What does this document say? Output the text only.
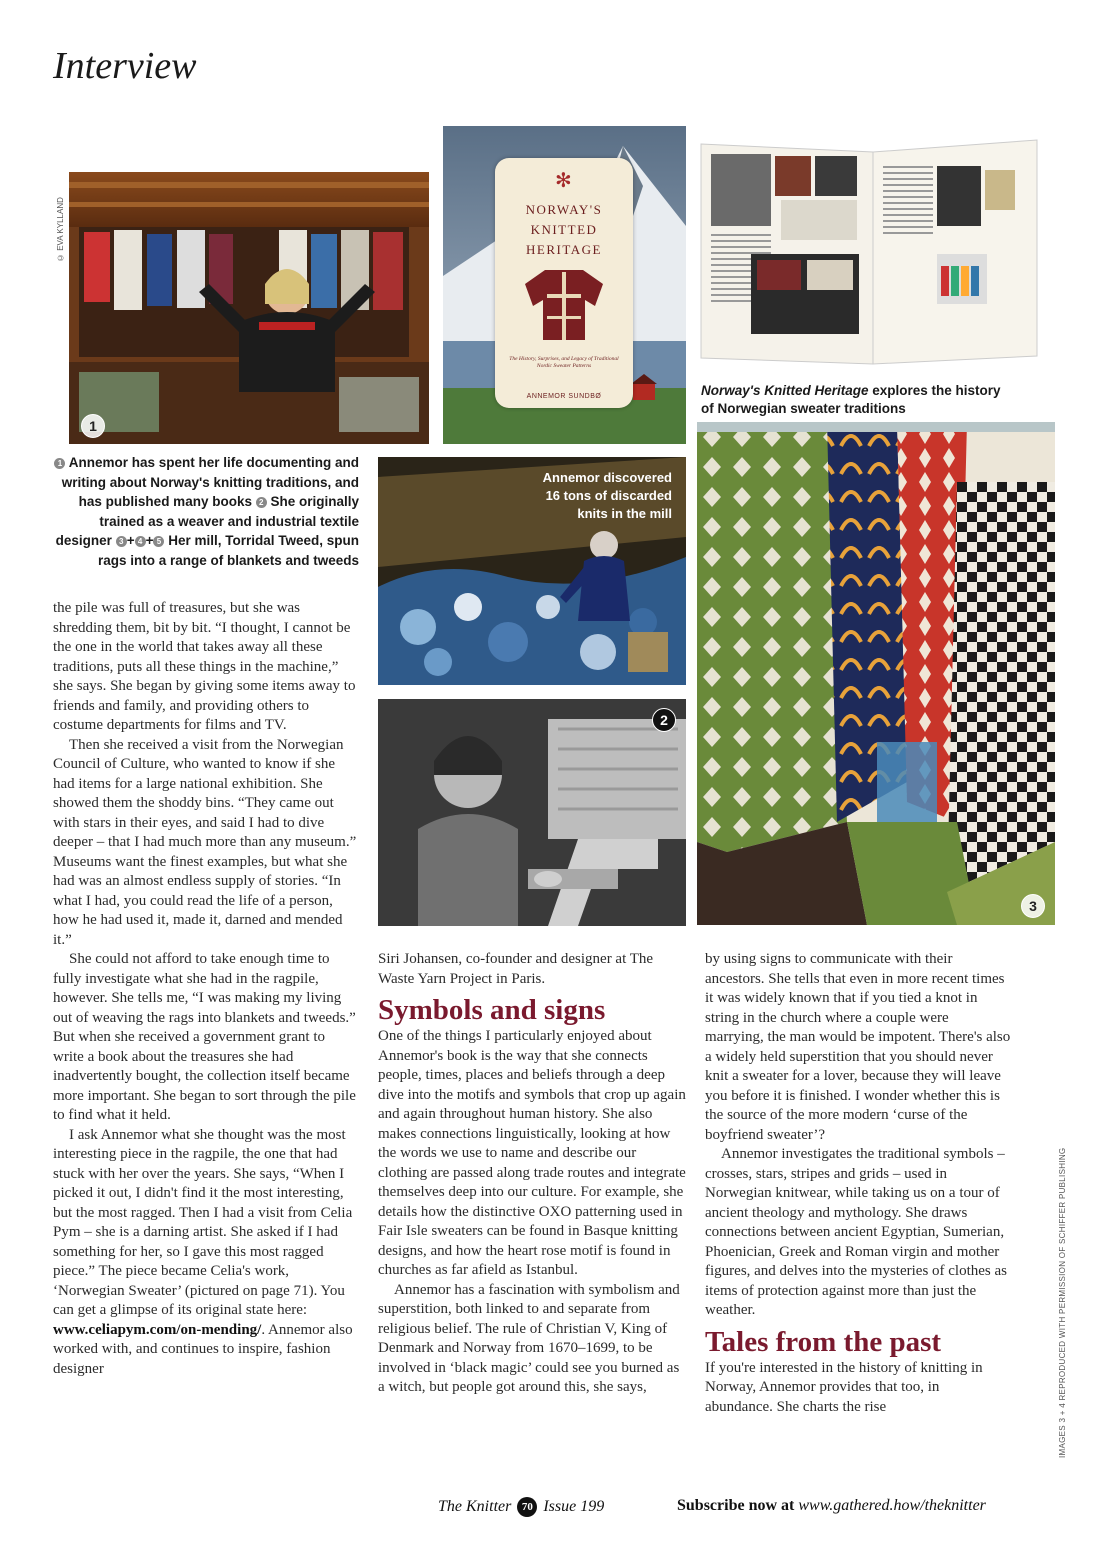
Interview
© EVA KYLLAND
1
✻
NORWAY'S
KNITTED
HERITAGE
The History, Surprises, and Legacy of Traditional Nordic Sweater Patterns
ANNEMOR SUNDBØ	Norway's Knitted Heritage explores the history of Norwegian sweater traditions
3
1 Annemor has spent her life documenting and writing about Norway's knitting traditions, and has published many books 2 She originally trained as a weaver and industrial textile designer 3 + 4 + 5 Her mill, Torridal Tweed, spun rags into a range of blankets and tweeds
Annemor discovered 16 tons of discarded knits in the mill
2

the pile was full of treasures, but she was shredding them, bit by bit. “I thought, I cannot be the one in the world that takes away all these traditions, puts all these things in the machine,” she says. She began by giving some items away to friends and family, and providing others to costume departments for films and TV.

Then she received a visit from the Norwegian Council of Culture, who wanted to know if she had items for a large national exhibition. She showed them the shoddy bins. “They came out with stars in their eyes, and said I had to dive deeper – that I had much more than any museum.” Museums want the finest examples, but what she had was an almost endless supply of stories. “In what I had, you could read the life of a person, how he had used it, made it, darned and mended it.”

She could not afford to take enough time to fully investigate what she had in the ragpile, however. She tells me, “I was making my living out of weaving the rags into blankets and tweeds.” But when she received a government grant to write a book about the treasures she had inadvertently bought, the collection itself became more important. She began to sort through the pile to find what it held.

I ask Annemor what she thought was the most interesting piece in the ragpile, the one that had stuck with her over the years. She says, “When I picked it out, I didn't find it the most interesting, but the most ragged. Then I had a visit from Celia Pym – she is a darning artist. She asked if I had something for her, so I gave this most ragged piece.” The piece became Celia's work, ‘Norwegian Sweater’ (pictured on page 71). You can get a glimpse of its original state here: www.celiapym.com/on-mending/. Annemor also worked with, and continues to inspire, fashion designer

Siri Johansen, co-founder and designer at The Waste Yarn Project in Paris.

Symbols and signs

One of the things I particularly enjoyed about Annemor's book is the way that she connects people, times, places and beliefs through a deep dive into the motifs and symbols that crop up again and again throughout human history. She also makes connections linguistically, looking at how the words we use to name and describe our clothing are passed along trade routes and integrate themselves deep into our culture. For example, she details how the distinctive OXO patterning used in Fair Isle sweaters can be found in Basque knitting designs, and how the heart rose motif is found in churches as far afield as Istanbul.

Annemor has a fascination with symbolism and superstition, both linked to and separate from religious belief. The rule of Christian V, King of Denmark and Norway from 1670–1699, to be involved in ‘black magic’ could see you burned as a witch, but people got around this, she says,

by using signs to communicate with their ancestors. She tells that even in more recent times it was widely known that if you tied a knot in string in the church where a couple were marrying, the man would be impotent. There's also a widely held superstition that you should never knit a sweater for a lover, because they will leave you before it is finished. I wonder whether this is the source of the more modern ‘curse of the boyfriend sweater’?

Annemor investigates the traditional symbols – crosses, stars, stripes and grids – used in Norwegian knitwear, while taking us on a tour of ancient theology and mythology. She draws connections between ancient Egyptian, Sumerian, Phoenician, Greek and Roman virgin and mother figures, and delves into the mysteries of clothes as items of protection against more than just the weather.

Tales from the past

If you're interested in the history of knitting in Norway, Annemor provides that too, in abundance. She charts the rise	IMAGES 3 + 4 REPRODUCED WITH PERMISSION OF SCHIFFER PUBLISHING
The Knitter 70 Issue 199	Subscribe now at www.gathered.how/theknitter
